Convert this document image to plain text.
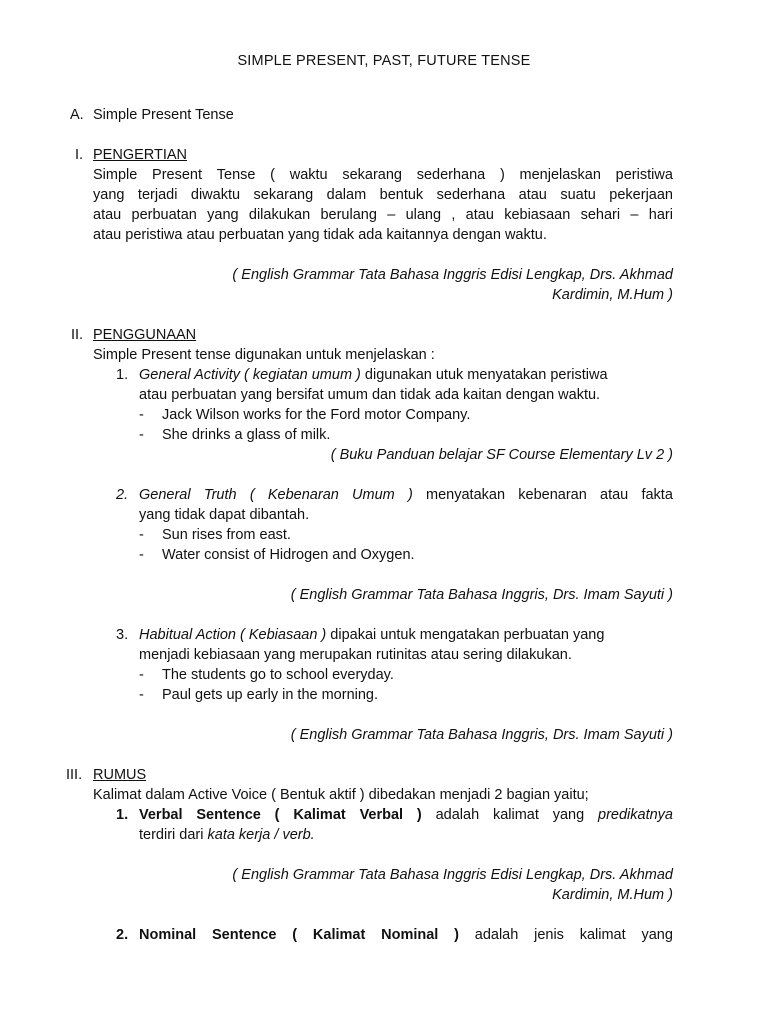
SIMPLE PRESENT, PAST, FUTURE TENSE
A. Simple Present Tense
I. PENGERTIAN
Simple Present Tense ( waktu sekarang sederhana ) menjelaskan peristiwa
yang terjadi diwaktu sekarang dalam bentuk sederhana atau suatu pekerjaan
atau perbuatan yang dilakukan berulang – ulang , atau kebiasaan sehari – hari
atau peristiwa atau perbuatan yang tidak ada kaitannya dengan waktu.
( English Grammar Tata Bahasa Inggris Edisi Lengkap, Drs. Akhmad
Kardimin, M.Hum )
II. PENGGUNAAN
Simple Present tense digunakan untuk menjelaskan :
1. General Activity ( kegiatan umum ) digunakan utuk menyatakan peristiwa
atau perbuatan yang bersifat umum dan tidak ada kaitan dengan waktu.
- Jack Wilson works for the Ford motor Company.
- She drinks a glass of milk.
( Buku Panduan belajar SF Course Elementary Lv 2 )
2. General Truth ( Kebenaran Umum ) menyatakan kebenaran atau fakta
yang tidak dapat dibantah.
- Sun rises from east.
- Water consist of Hidrogen and Oxygen.
( English Grammar Tata Bahasa Inggris, Drs. Imam Sayuti )
3. Habitual Action ( Kebiasaan ) dipakai untuk mengatakan perbuatan yang
menjadi kebiasaan yang merupakan rutinitas atau sering dilakukan.
- The students go to school everyday.
- Paul gets up early in the morning.
( English Grammar Tata Bahasa Inggris, Drs. Imam Sayuti )
III. RUMUS
Kalimat dalam Active Voice ( Bentuk aktif ) dibedakan menjadi 2 bagian yaitu;
1. Verbal Sentence ( Kalimat Verbal ) adalah kalimat yang predikatnya
terdiri dari kata kerja / verb.
( English Grammar Tata Bahasa Inggris Edisi Lengkap, Drs. Akhmad
Kardimin, M.Hum )
2. Nominal Sentence ( Kalimat Nominal ) adalah jenis kalimat yang
